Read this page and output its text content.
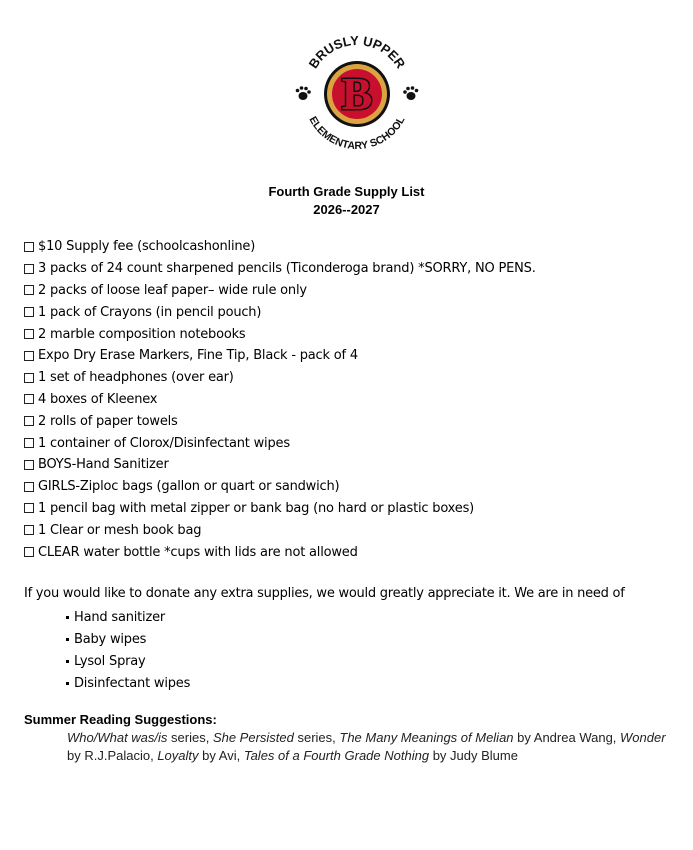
BRUSLY UPPER
ELEMENTARY SCHOOL
B
Fourth Grade Supply List
2026--2027
$10 Supply fee (schoolcashonline)
3 packs of 24 count sharpened pencils (Ticonderoga brand) *SORRY, NO PENS.
2 packs of loose leaf paper– wide rule only
1 pack of Crayons (in pencil pouch)
2 marble composition notebooks
Expo Dry Erase Markers, Fine Tip, Black - pack of 4
1 set of headphones (over ear)
4 boxes of Kleenex
2 rolls of paper towels
1 container of Clorox/Disinfectant wipes
BOYS-Hand Sanitizer
GIRLS-Ziploc bags (gallon or quart or sandwich)
1 pencil bag with metal zipper or bank bag (no hard or plastic boxes)
1 Clear or mesh book bag
CLEAR water bottle *cups with lids are not allowed
If you would like to donate any extra supplies, we would greatly appreciate it. We are in need of
Hand sanitizer
Baby wipes
Lysol Spray
Disinfectant wipes
Summer Reading Suggestions:
Who/What was/is series, She Persisted series, The Many Meanings of Melian by Andrea Wang, Wonder by R.J.Palacio, Loyalty by Avi, Tales of a Fourth Grade Nothing by Judy Blume
